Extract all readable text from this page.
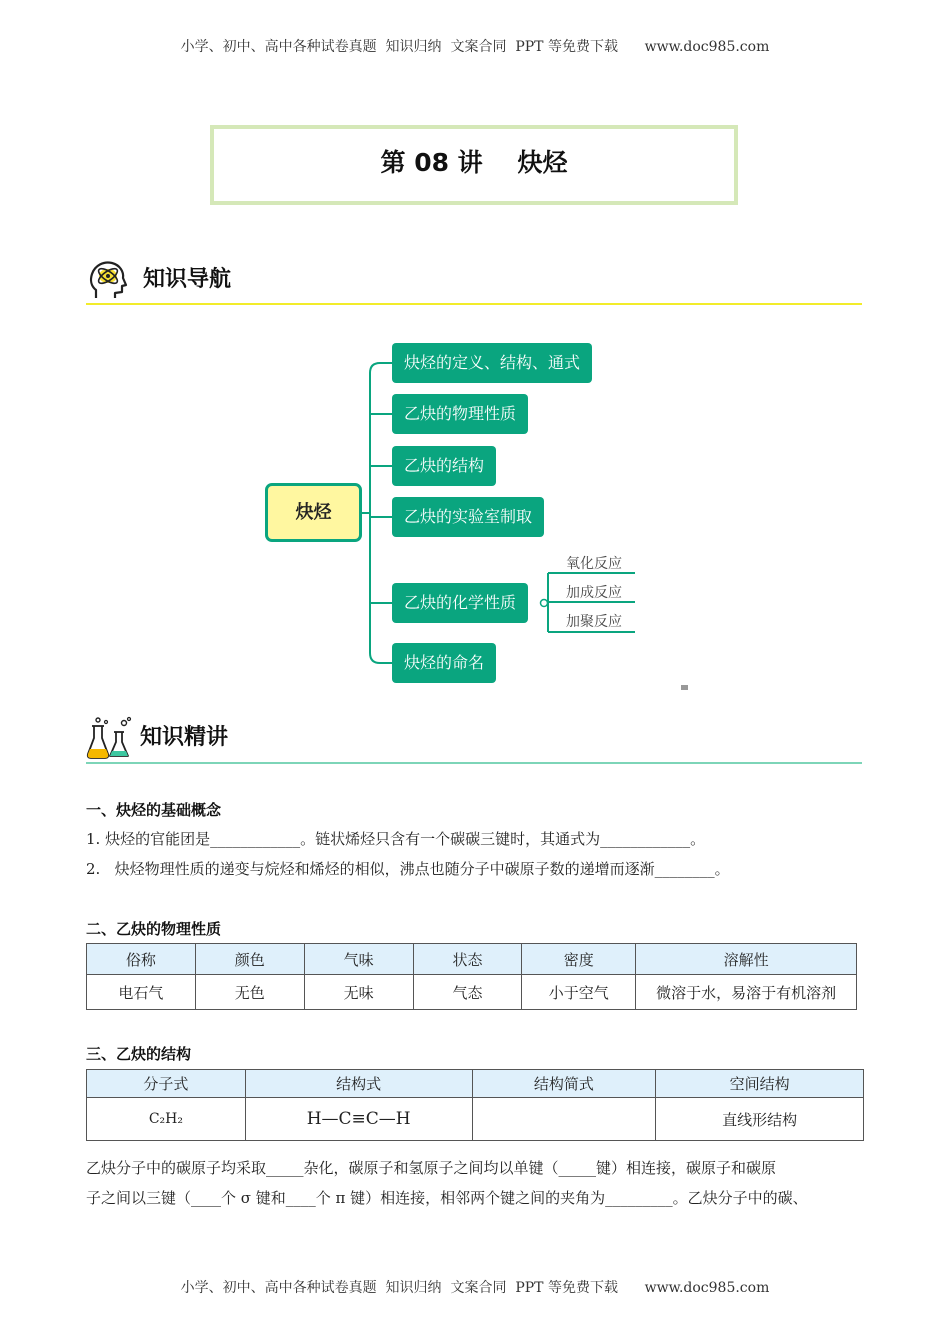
小学、初中、高中各种试卷真题  知识归纳  文案合同  PPT 等免费下载      www.doc985.com
第 08 讲    炔烃
知识导航
炔烃
炔烃的定义、结构、通式
乙炔的物理性质
乙炔的结构
乙炔的实验室制取
乙炔的化学性质
炔烃的命名
氧化反应
加成反应
加聚反应
知识精讲
一、炔烃的基础概念
1. 炔烃的官能团是____________。链状烯烃只含有一个碳碳三键时，其通式为____________。
2.   炔烃物理性质的递变与烷烃和烯烃的相似，沸点也随分子中碳原子数的递增而逐渐________。
二、乙炔的物理性质
俗称	颜色	气味	状态	密度	溶解性
电石气	无色	无味	气态	小于空气	微溶于水，易溶于有机溶剂
三、乙炔的结构
分子式	结构式	结构简式	空间结构
C₂H₂	H—C≡C—H		直线形结构
乙炔分子中的碳原子均采取_____杂化，碳原子和氢原子之间均以单键（_____键）相连接，碳原子和碳原
子之间以三键（____个 σ 键和____个 π 键）相连接，相邻两个键之间的夹角为_________。乙炔分子中的碳、
小学、初中、高中各种试卷真题  知识归纳  文案合同  PPT 等免费下载      www.doc985.com
